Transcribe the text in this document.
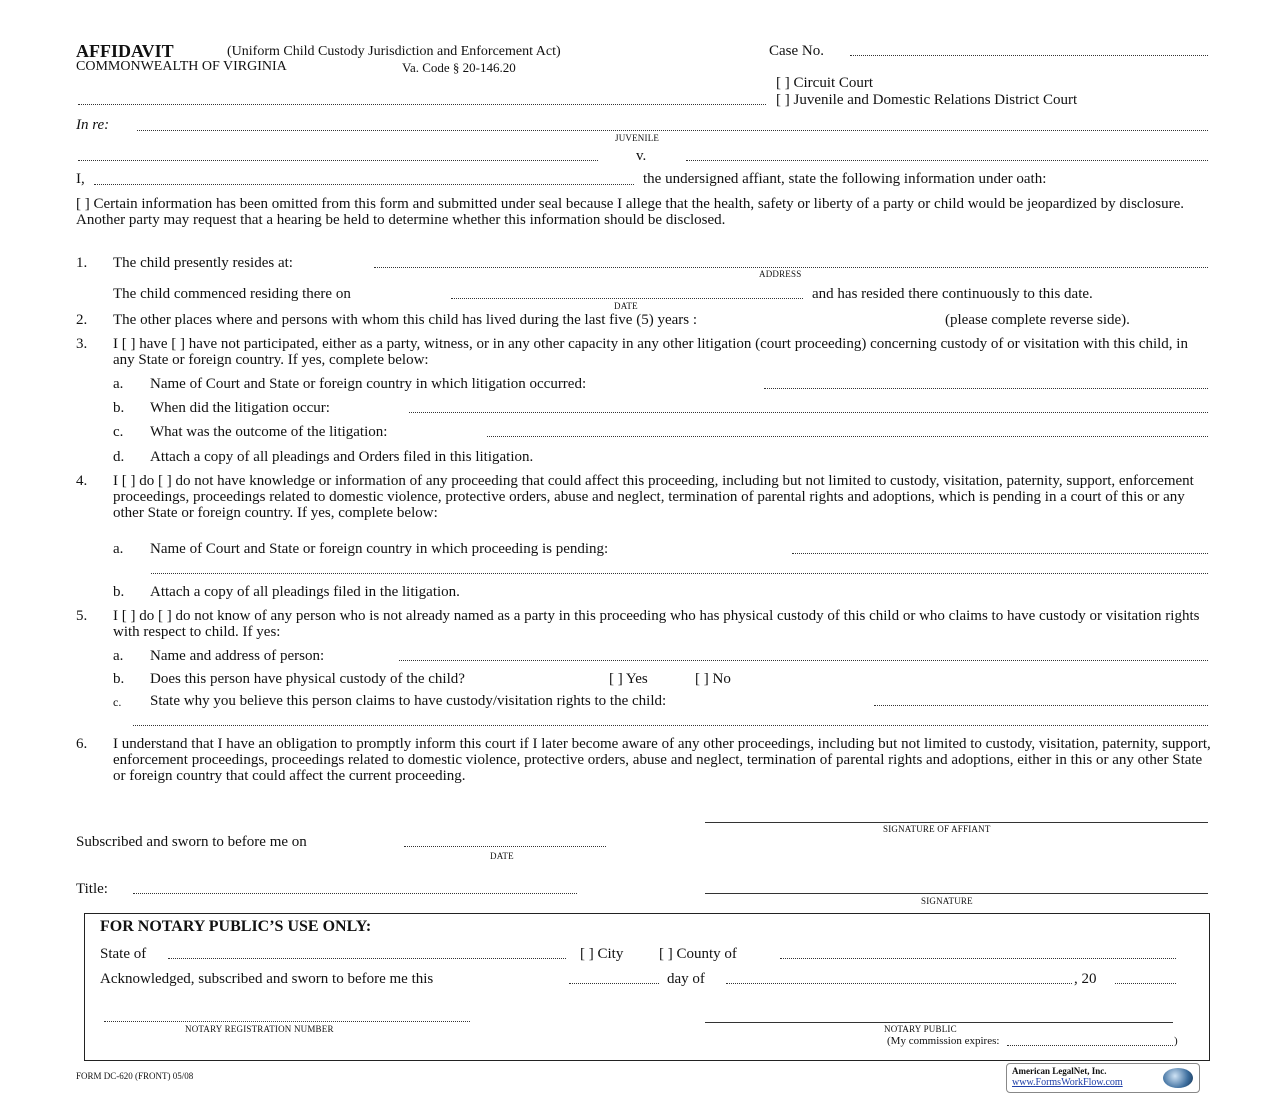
AFFIDAVIT	(Uniform Child Custody Jurisdiction and Enforcement Act)
COMMONWEALTH OF VIRGINIA	Va. Code § 20-146.20
Case No.
[ ] Circuit Court
[ ] Juvenile and Domestic Relations District Court
In re:
JUVENILE
v.
I,	the undersigned affiant, state the following information under oath:
[ ] Certain information has been omitted from this form and submitted under seal because I allege that the health, safety or liberty of a party or child would be jeopardized by disclosure. Another party may request that a hearing be held to determine whether this information should be disclosed.
1. The child presently resides at:
ADDRESS
The child commenced residing there on
DATE
and has resided there continuously to this date.
2. The other places where and persons with whom this child has lived during the last five (5) years :	(please complete reverse side).
3. I [ ] have [ ] have not participated, either as a party, witness, or in any other capacity in any other litigation (court proceeding) concerning custody of or visitation with this child, in any State or foreign country. If yes, complete below:
a. Name of Court and State or foreign country in which litigation occurred:
b. When did the litigation occur:
c. What was the outcome of the litigation:
d. Attach a copy of all pleadings and Orders filed in this litigation.
4. I [ ] do [ ] do not have knowledge or information of any proceeding that could affect this proceeding, including but not limited to custody, visitation, paternity, support, enforcement proceedings, proceedings related to domestic violence, protective orders, abuse and neglect, termination of parental rights and adoptions, which is pending in a court of this or any other State or foreign country. If yes, complete below:
a. Name of Court and State or foreign country in which proceeding is pending:
b. Attach a copy of all pleadings filed in the litigation.
5. I [ ] do [ ] do not know of any person who is not already named as a party in this proceeding who has physical custody of this child or who claims to have custody or visitation rights with respect to child. If yes:
a. Name and address of person:
b. Does this person have physical custody of the child?	[ ] Yes	[ ] No
c. State why you believe this person claims to have custody/visitation rights to the child:
6. I understand that I have an obligation to promptly inform this court if I later become aware of any other proceedings, including but not limited to custody, visitation, paternity, support, enforcement proceedings, proceedings related to domestic violence, protective orders, abuse and neglect, termination of parental rights and adoptions, either in this or any other State or foreign country that could affect the current proceeding.
SIGNATURE OF AFFIANT
Subscribed and sworn to before me on
DATE
Title:
SIGNATURE
FOR NOTARY PUBLIC’S USE ONLY:
State of	[ ] City [ ] County of
Acknowledged, subscribed and sworn to before me this	day of	, 20
NOTARY REGISTRATION NUMBER	NOTARY PUBLIC
(My commission expires:	)
FORM DC-620 (FRONT) 05/08	American LegalNet, Inc.
www.FormsWorkFlow.com
